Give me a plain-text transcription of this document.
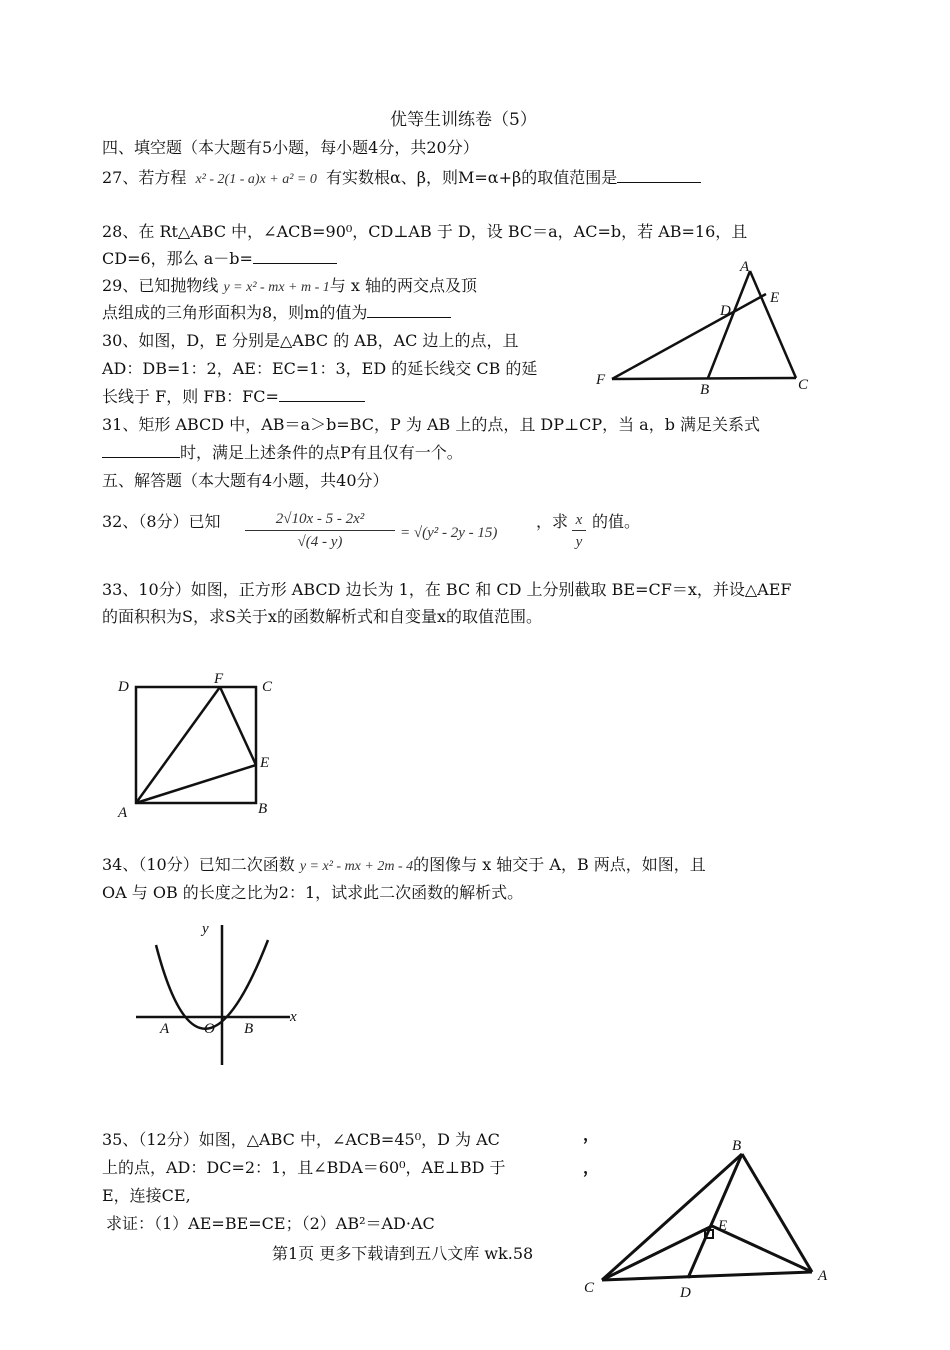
优等生训练卷（5）
四、填空题（本大题有5小题，每小题4分，共20分）
27、若方程 x² - 2(1 - a)x + a² = 0 有实数根α、β，则M=α+β的取值范围是
28、在 Rt△ABC 中，∠ACB=90⁰，CD⊥AB 于 D，设 BC＝a，AC=b，若 AB=16，且
CD=6，那么 a－b=
29、已知抛物线 y = x² - mx + m - 1与 x 轴的两交点及顶
点组成的三角形面积为8，则m的值为
30、如图，D，E 分别是△ABC 的 AB，AC 边上的点，且
AD：DB=1：2，AE：EC=1：3，ED 的延长线交 CB 的延
长线于 F，则 FB：FC=
A
E
D
F
B	C
31、矩形 ABCD 中，AB＝a＞b=BC，P 为 AB 上的点，且 DP⊥CP，当 a，b 满足关系式
时，满足上述条件的点P有且仅有一个。
五、解答题（本大题有4小题，共40分）
32、（8分）已知 $\frac{\text{2√10x - 5 - 2x²}}{√(4 - y)} = √(y^2 - 2y - 15)$
，求 x
y
的值。
33、10分）如图，正方形 ABCD 边长为 1，在 BC 和 CD 上分别截取 BE=CF＝x，并设△AEF
的面积积为S，求S关于x的函数解析式和自变量x的取值范围。
D	F	C
E
A	B
34、（10分）已知二次函数 y = x² - mx + 2m - 4的图像与 x 轴交于 A，B 两点，如图，且
OA 与 OB 的长度之比为2：1，试求此二次函数的解析式。
y
x
A O B
35、（12分）如图，△ABC 中，∠ACB=45⁰，D 为 AC
上的点，AD：DC=2：1，且∠BDA＝60⁰，AE⊥BD 于
E，连接CE,
求证：（1）AE=BE=CE；（2）AB²＝AD·AC
，
，
B
E
C	D
A
第1页 更多下载请到五八文库 wk.58
